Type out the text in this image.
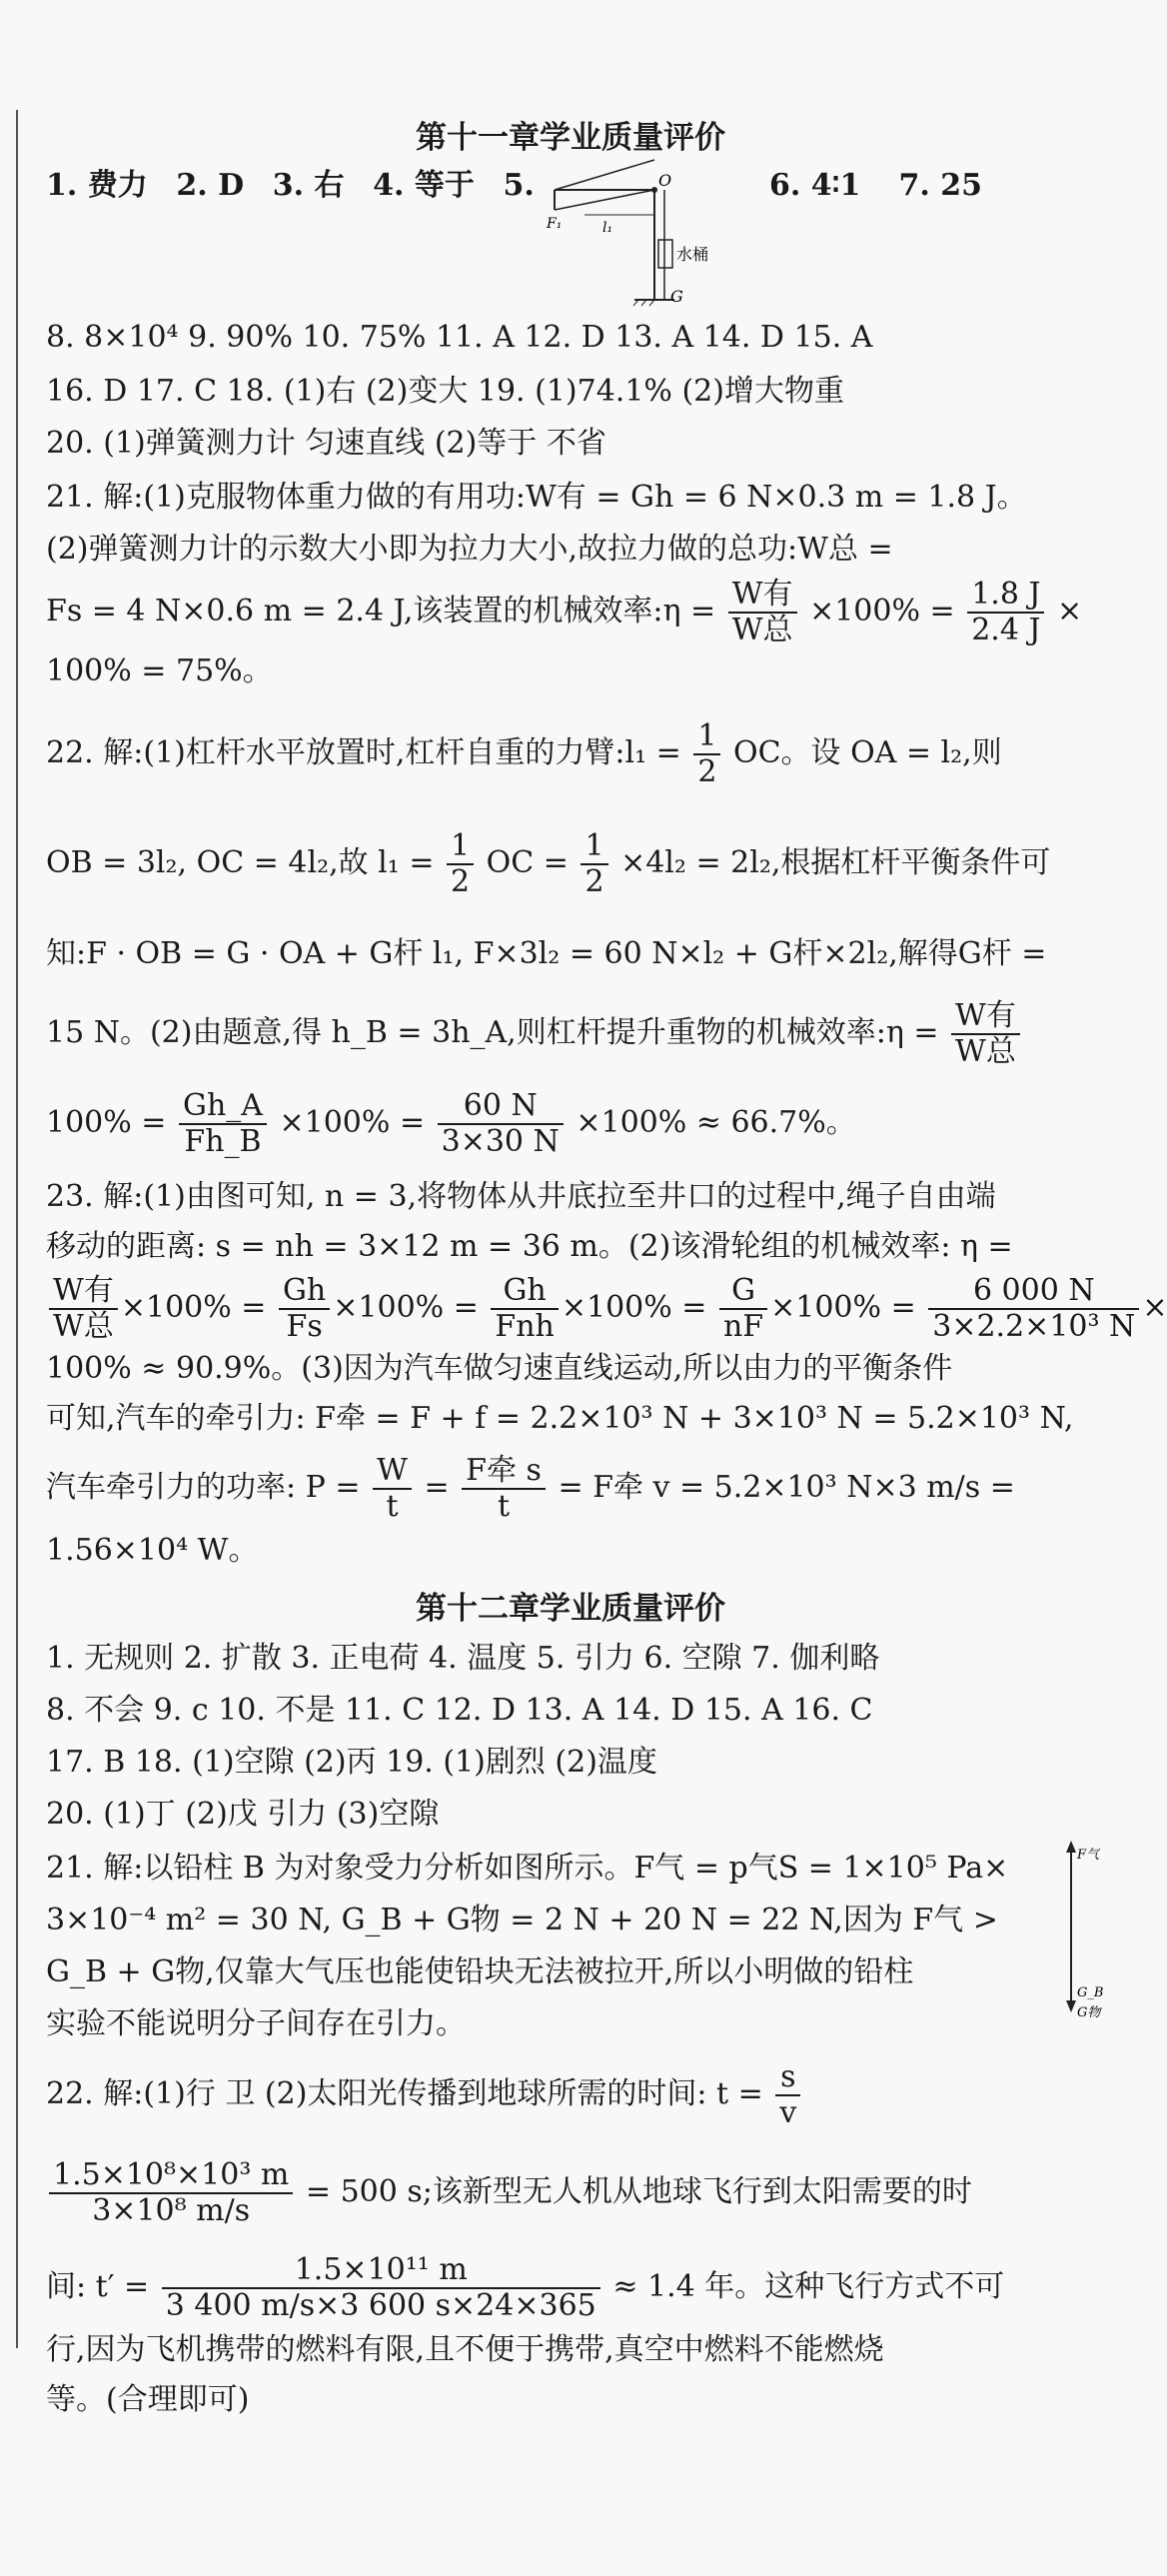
第十一章学业质量评价
1. 费力 2. D 3. 右 4. 等于 5.	O
F₁	l₁
水桶
G
6. 4∶1 7. 25
8. 8×10⁴ 9. 90% 10. 75% 11. A 12. D 13. A 14. D 15. A
16. D 17. C 18. (1)右 (2)变大 19. (1)74.1% (2)增大物重
20. (1)弹簧测力计 匀速直线 (2)等于 不省
21. 解:(1)克服物体重力做的有用功:W有 = Gh = 6 N×0.3 m = 1.8 J。
(2)弹簧测力计的示数大小即为拉力大小,故拉力做的总功:W总 =
Fs = 4 N×0.6 m = 2.4 J,该装置的机械效率:η = $\frac{\text{W有}}{\text{W总}} \times 100\% = \frac{1.8 J}{2.4 J}$ ×
100% = 75%。
22. 解:(1)杠杆水平放置时,杠杆自重的力臂:l₁ = $\frac{1}{2}$ OC。设 OA = l₂,则
OB = 3l₂, OC = 4l₂,故 $l_1 = \frac{1}{2}$ OC = $\frac{1}{2} \times 4l_2 = 2l_2$,根据杠杆平衡条件可
知:F · OB = G · OA + G杆 l₁, F×3l₂ = 60 N×l₂ + G杆×2l₂,解得G杆 =
15 N。(2)由题意,得 h_B = 3h_A,则杠杆提升重物的机械效率:η = $\frac{\text{W有}}{\text{W总}}$
$100\% = \frac{Gh\_A}{Fh\_B} \times 100\% = \frac{60 N}{3\times 30 N} \times 100\% \approx 66.7\%$。
23. 解:(1)由图可知, n = 3,将物体从井底拉至井口的过程中,绳子自由端
移动的距离: s = nh = 3×12 m = 36 m。(2)该滑轮组的机械效率: η =
$\frac{\text{W有}}{\text{W总}} \times 100\% = \frac{Gh}{Fs} \times 100\% = \frac{Gh}{\text{Fnh}} \times 100\% = \frac{G}{nF} \times 100\% = \frac{6 000 N}{\text{3×2.2×10³ N}}$ ×
100% ≈ 90.9%。(3)因为汽车做匀速直线运动,所以由力的平衡条件
可知,汽车的牵引力: F牵 = F + f = 2.2×10³ N + 3×10³ N = 5.2×10³ N,
汽车牵引力的功率: $P = \frac{W}{t} = \frac{\text{F牵 s}}{t} = F$牵 v = 5.2×10³ N×3 m/s =
1.56×10⁴ W。
第十二章学业质量评价
1. 无规则 2. 扩散 3. 正电荷 4. 温度 5. 引力 6. 空隙 7. 伽利略
8. 不会 9. c 10. 不是 11. C 12. D 13. A 14. D 15. A 16. C
17. B 18. (1)空隙 (2)丙 19. (1)剧烈 (2)温度
20. (1)丁 (2)戊 引力 (3)空隙
21. 解:以铅柱 B 为对象受力分析如图所示。F气 = p气S = 1×10⁵ Pa×
3×10⁻⁴ m² = 30 N, G_B + G物 = 2 N + 20 N = 22 N,因为 F气 >
G_B + G物,仅靠大气压也能使铅块无法被拉开,所以小明做的铅柱
实验不能说明分子间存在引力。
F气
G_B
G物
22. 解:(1)行 卫 (2)太阳光传播到地球所需的时间: $t = \frac{s}{v}$
$\frac{\text{1.5×10⁸×10³ m}}{\text{3×10⁸ m/s}} = 500$ s;该新型无人机从地球飞行到太阳需要的时
间: $t' = \frac{\text{1.5×10¹¹ m}}{3 400 m/s\times 3 600 s\times 24\times 365} \approx 1.4$ 年。这种飞行方式不可
行,因为飞机携带的燃料有限,且不便于携带,真空中燃料不能燃烧
等。(合理即可)
